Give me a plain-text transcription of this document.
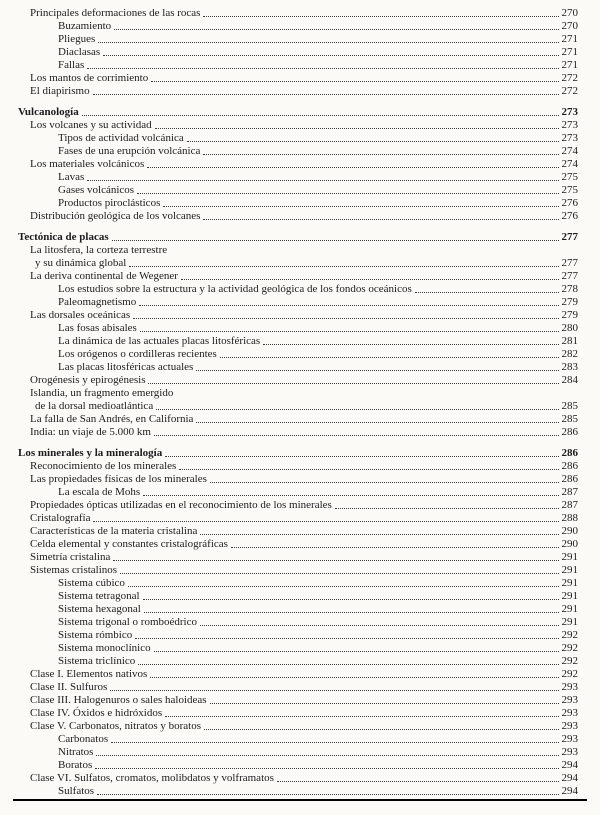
Principales deformaciones de las rocas	270
Buzamiento	270
Pliegues	271
Diaclasas	271
Fallas	271
Los mantos de corrimiento	272
El diapirismo	272
Vulcanología	273
Los volcanes y su actividad	273
Tipos de actividad volcánica	273
Fases de una erupción volcánica	274
Los materiales volcánicos	274
Lavas	275
Gases volcánicos	275
Productos piroclásticos	276
Distribución geológica de los volcanes	276
Tectónica de placas	277
La litosfera, la corteza terrestre
y su dinámica global	277
La deriva continental de Wegener	277
Los estudios sobre la estructura y la actividad geológica de los fondos oceánicos	278
Paleomagnetismo	279
Las dorsales oceánicas	279
Las fosas abisales	280
La dinámica de las actuales placas litosféricas	281
Los orógenos o cordilleras recientes	282
Las placas litosféricas actuales	283
Orogénesis y epirogénesis	284
Islandia, un fragmento emergido
de la dorsal medioatlántica	285
La falla de San Andrés, en California	285
India: un viaje de 5.000 km	286
Los minerales y la mineralogía	286
Reconocimiento de los minerales	286
Las propiedades físicas de los minerales	286
La escala de Mohs	287
Propiedades ópticas utilizadas en el reconocimiento de los minerales	287
Cristalografía	288
Características de la materia cristalina	290
Celda elemental y constantes cristalográficas	290
Simetría cristalina	291
Sistemas cristalinos	291
Sistema cúbico	291
Sistema tetragonal	291
Sistema hexagonal	291
Sistema trigonal o romboédrico	291
Sistema rómbico	292
Sistema monoclínico	292
Sistema triclínico	292
Clase I. Elementos nativos	292
Clase II. Sulfuros	293
Clase III. Halogenuros o sales haloideas	293
Clase IV. Óxidos e hidróxidos	293
Clase V. Carbonatos, nitratos y boratos	293
Carbonatos	293
Nitratos	293
Boratos	294
Clase VI. Sulfatos, cromatos, molibdatos y volframatos	294
Sulfatos	294
